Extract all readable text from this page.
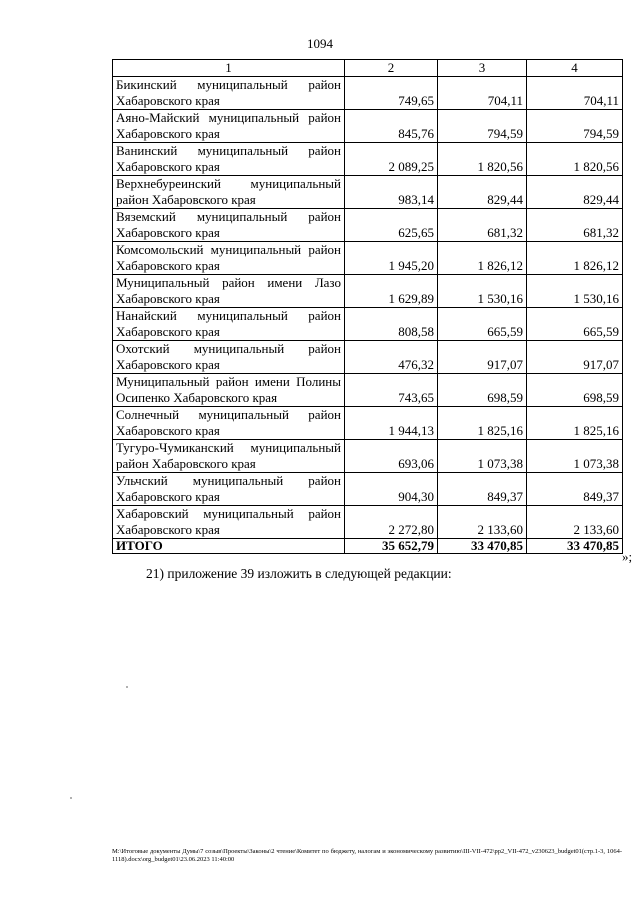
1094
1	2	3	4
Бикинский муниципальный район Хабаровского края	749,65	704,11	704,11
Аяно-Майский муниципальный район Хабаровского края	845,76	794,59	794,59
Ванинский муниципальный район Хабаровского края	2 089,25	1 820,56	1 820,56
Верхнебуреинский муниципальный район Хабаровского края	983,14	829,44	829,44
Вяземский муниципальный район Хабаровского края	625,65	681,32	681,32
Комсомольский муниципальный район Хабаровского края	1 945,20	1 826,12	1 826,12
Муниципальный район имени Лазо Хабаровского края	1 629,89	1 530,16	1 530,16
Нанайский муниципальный район Хабаровского края	808,58	665,59	665,59
Охотский муниципальный район Хабаровского края	476,32	917,07	917,07
Муниципальный район имени Полины Осипенко Хабаровского края	743,65	698,59	698,59
Солнечный муниципальный район Хабаровского края	1 944,13	1 825,16	1 825,16
Тугуро-Чумиканский муниципальный район Хабаровского края	693,06	1 073,38	1 073,38
Ульчский муниципальный район Хабаровского края	904,30	849,37	849,37
Хабаровский муниципальный район Хабаровского края	2 272,80	2 133,60	2 133,60
ИТОГО	35 652,79	33 470,85	33 470,85
»;
21) приложение 39 изложить в следующей редакции:
M:\Итоговые документы Думы\7 созыв\Проекты\Законы\2 чтение\Комитет по бюджету, налогам и экономическому развитию\III-VII-472\рр2_VII-472_v230623_budget01(стр.1-3, 1064-1118).docx\org_budget01\23.06.2023 11:40:00
